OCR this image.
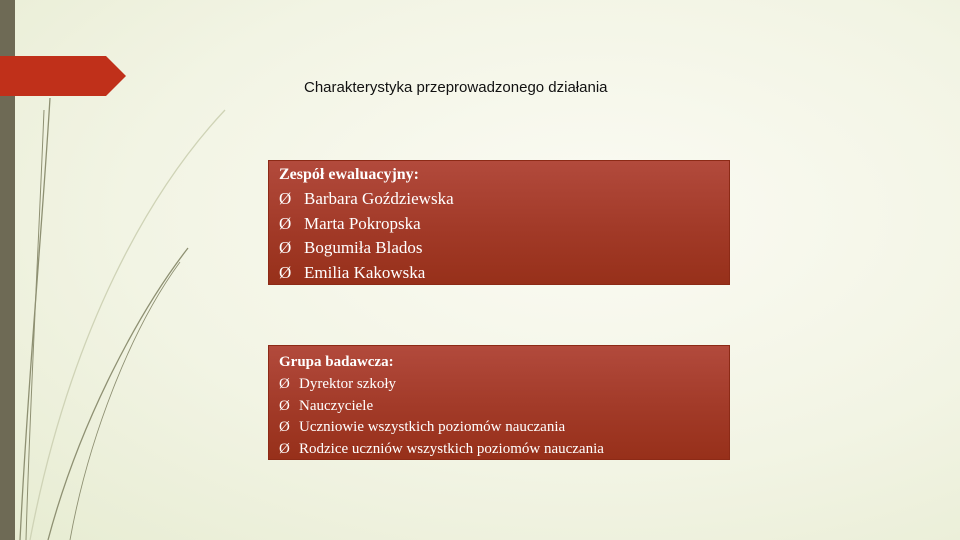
Charakterystyka przeprowadzonego działania
Zespół ewaluacyjny:
Ø Barbara Goździewska
Ø Marta Pokropska
Ø Bogumiła Blados
Ø Emilia Kakowska
Grupa badawcza:
Ø Dyrektor szkoły
Ø Nauczyciele
Ø Uczniowie wszystkich poziomów nauczania
Ø Rodzice uczniów wszystkich poziomów nauczania
